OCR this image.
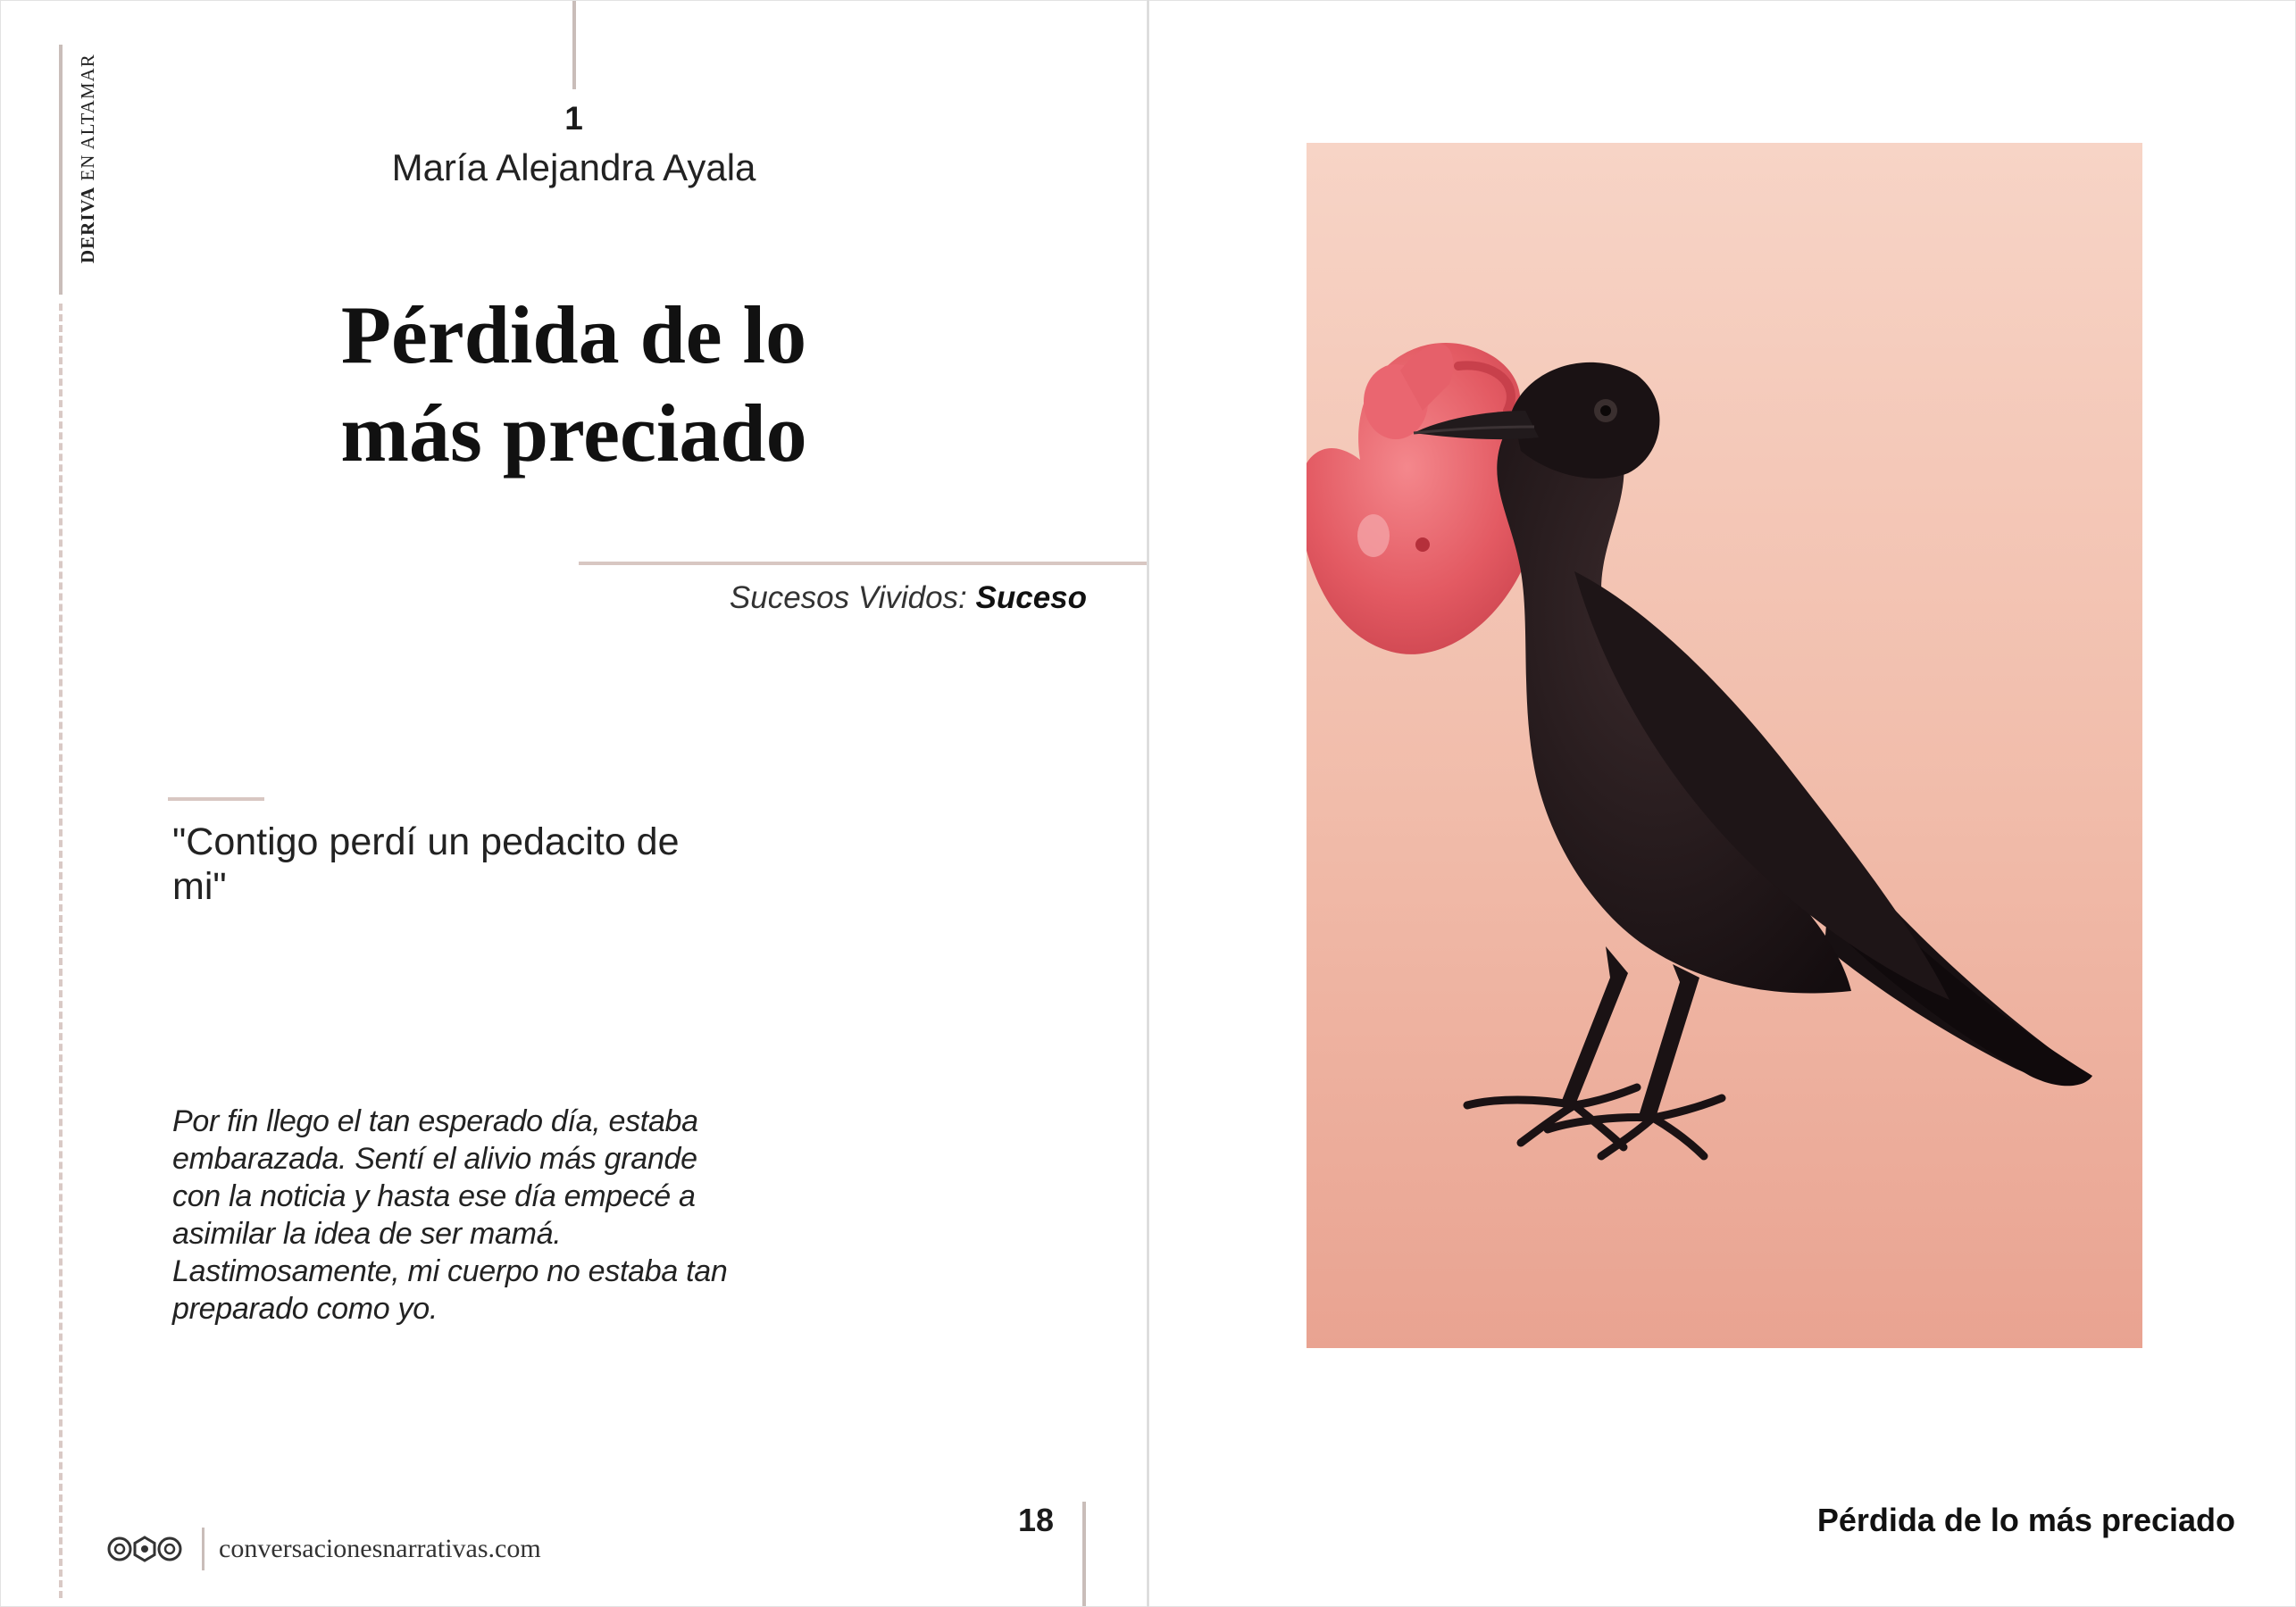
DERIVA EN ALTAMAR	1
María Alejandra Ayala
Pérdida de lo
más preciado
Sucesos Vividos: Suceso
"Contigo perdí un pedacito de mi"
Por fin llego el tan esperado día, estaba embarazada. Sentí el alivio más grande con la noticia y hasta ese día empecé a asimilar la idea de ser mamá. Lastimosamente, mi cuerpo no estaba tan preparado como yo.
conversacionesnarrativas.com
18	Pérdida de lo más preciado
